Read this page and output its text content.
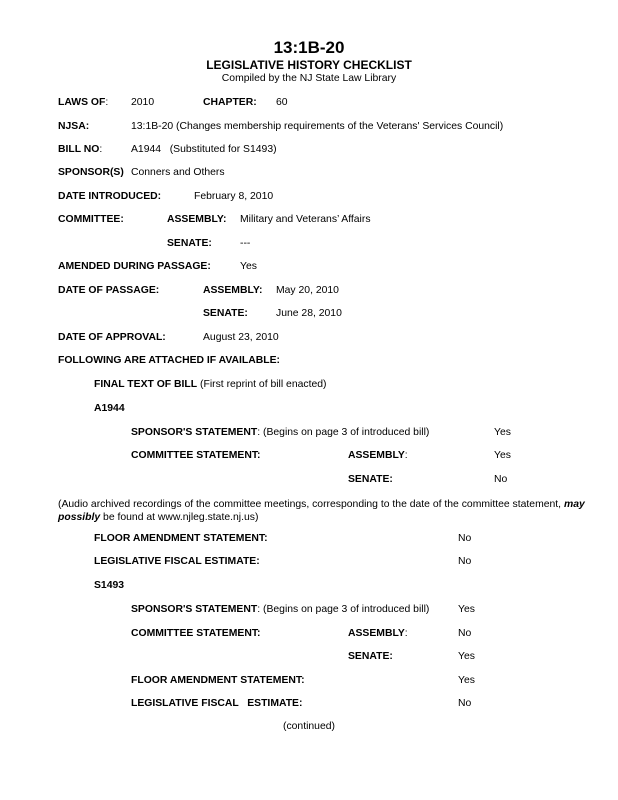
13:1B-20
LEGISLATIVE HISTORY CHECKLIST
Compiled by the NJ State Law Library
LAWS OF: 2010	CHAPTER: 60
NJSA:	13:1B-20 (Changes membership requirements of the Veterans' Services Council)
BILL NO:	A1944   (Substituted for S1493)
SPONSOR(S) Conners and Others
DATE INTRODUCED:	February 8, 2010
COMMITTEE:	ASSEMBLY: Military and Veterans’ Affairs
SENATE:	---
AMENDED DURING PASSAGE:	Yes
DATE OF PASSAGE:	ASSEMBLY: May 20, 2010
SENATE:	June 28, 2010
DATE OF APPROVAL:	August 23, 2010
FOLLOWING ARE ATTACHED IF AVAILABLE:
FINAL TEXT OF BILL (First reprint of bill enacted)
A1944
SPONSOR'S STATEMENT: (Begins on page 3 of introduced bill)	Yes
COMMITTEE STATEMENT:	ASSEMBLY:	Yes
SENATE:	No
(Audio archived recordings of the committee meetings, corresponding to the date of the committee statement, may possibly be found at www.njleg.state.nj.us)
FLOOR AMENDMENT STATEMENT:	No
LEGISLATIVE FISCAL ESTIMATE:	No
S1493
SPONSOR'S STATEMENT: (Begins on page 3 of introduced bill)	Yes
COMMITTEE STATEMENT:	ASSEMBLY:	No
SENATE:	Yes
FLOOR AMENDMENT STATEMENT:	Yes
LEGISLATIVE FISCAL   ESTIMATE:	No
(continued)
